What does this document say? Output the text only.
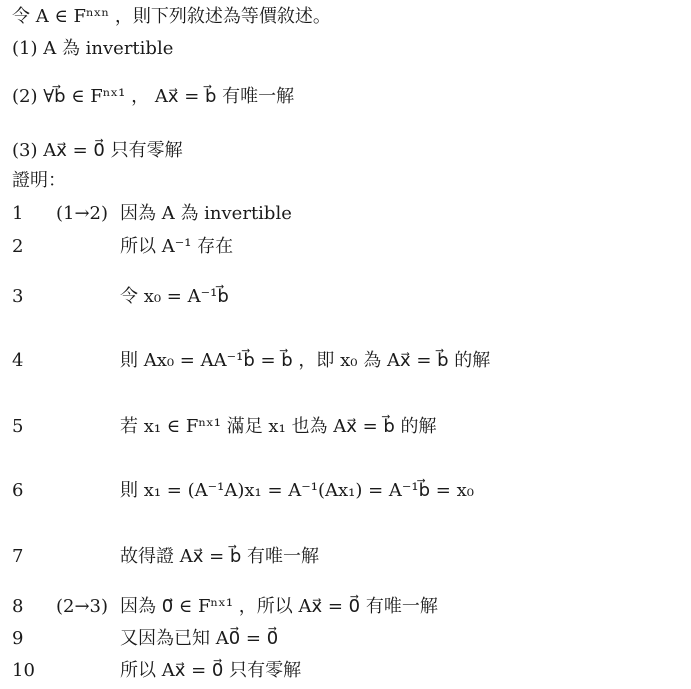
令 A ∈ Fⁿˣⁿ ，則下列敘述為等價敘述。
(1) A 為 invertible
(2) ∀b⃗ ∈ Fⁿˣ¹ ， Ax⃗ = b⃗ 有唯一解
(3) Ax⃗ = 0⃗ 只有零解
證明：
1 (1→2) 因為 A 為 invertible
2	所以 A⁻¹ 存在
3	令 x₀ = A⁻¹b⃗
4	則 Ax₀ = AA⁻¹b⃗ = b⃗ ，即 x₀ 為 Ax⃗ = b⃗ 的解
5	若 x₁ ∈ Fⁿˣ¹ 滿足 x₁ 也為 Ax⃗ = b⃗ 的解
6	則 x₁ = (A⁻¹A)x₁ = A⁻¹(Ax₁) = A⁻¹b⃗ = x₀
7	故得證 Ax⃗ = b⃗ 有唯一解
8 (2→3) 因為 0⃗ ∈ Fⁿˣ¹ ，所以 Ax⃗ = 0⃗ 有唯一解
9	又因為已知 A0⃗ = 0⃗
10	所以 Ax⃗ = 0⃗ 只有零解
